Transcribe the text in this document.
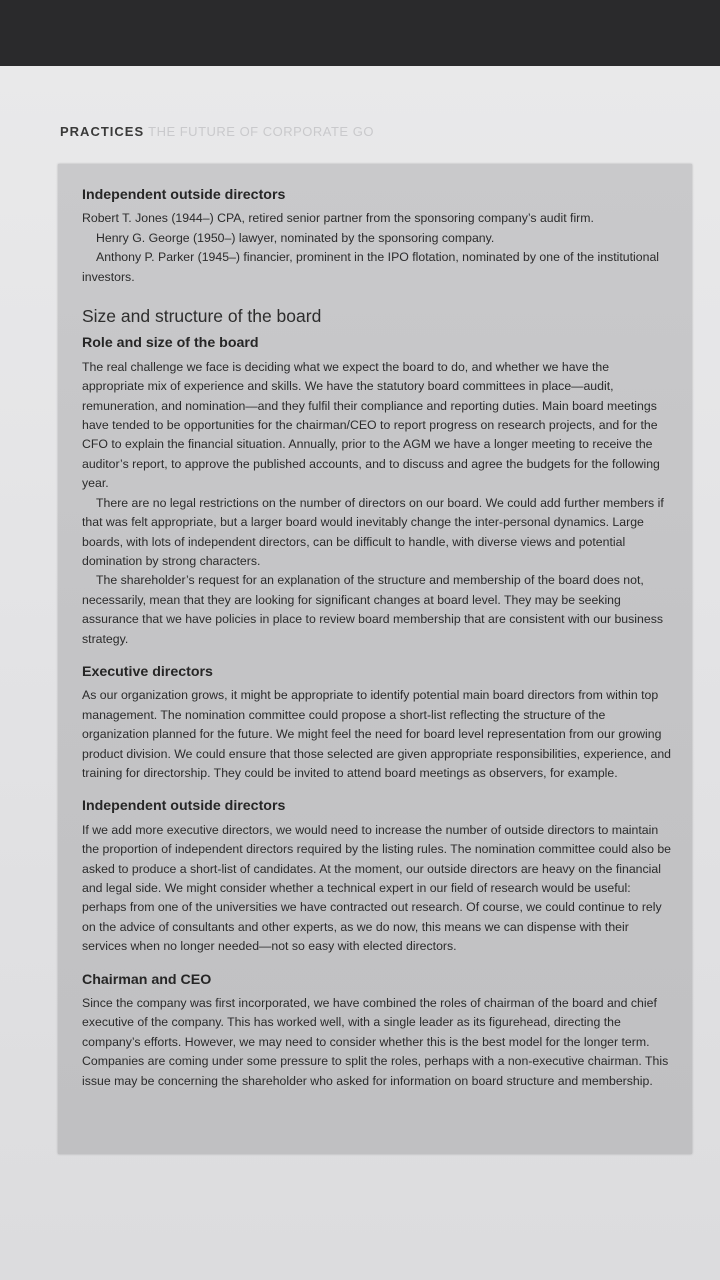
PRACTICES THE FUTURE OF CORPORATE GO
Independent outside directors

Robert T. Jones (1944–) CPA, retired senior partner from the sponsoring company’s audit firm.

Henry G. George (1950–) lawyer, nominated by the sponsoring company.

Anthony P. Parker (1945–) financier, prominent in the IPO flotation, nominated by one of the institutional investors.

Size and structure of the board
Role and size of the board

The real challenge we face is deciding what we expect the board to do, and whether we have the appropriate mix of experience and skills. We have the statutory board committees in place—audit, remuneration, and nomination—and they fulfil their compliance and reporting duties. Main board meetings have tended to be opportunities for the chairman/CEO to report progress on research projects, and for the CFO to explain the financial situation. Annually, prior to the AGM we have a longer meeting to receive the auditor’s report, to approve the published accounts, and to discuss and agree the budgets for the following year.

There are no legal restrictions on the number of directors on our board. We could add further members if that was felt appropriate, but a larger board would inevitably change the inter-personal dynamics. Large boards, with lots of independent directors, can be difficult to handle, with diverse views and potential domination by strong characters.

The shareholder’s request for an explanation of the structure and membership of the board does not, necessarily, mean that they are looking for significant changes at board level. They may be seeking assurance that we have policies in place to review board membership that are consistent with our business strategy.

Executive directors

As our organization grows, it might be appropriate to identify potential main board directors from within top management. The nomination committee could propose a short-list reflecting the structure of the organization planned for the future. We might feel the need for board level representation from our growing product division. We could ensure that those selected are given appropriate responsibilities, experience, and training for directorship. They could be invited to attend board meetings as observers, for example.

Independent outside directors

If we add more executive directors, we would need to increase the number of outside directors to maintain the proportion of independent directors required by the listing rules. The nomination committee could also be asked to produce a short-list of candidates. At the moment, our outside directors are heavy on the financial and legal side. We might consider whether a technical expert in our field of research would be useful: perhaps from one of the universities we have contracted out research. Of course, we could continue to rely on the advice of consultants and other experts, as we do now, this means we can dispense with their services when no longer needed—not so easy with elected directors.

Chairman and CEO

Since the company was first incorporated, we have combined the roles of chairman of the board and chief executive of the company. This has worked well, with a single leader as its figurehead, directing the company’s efforts. However, we may need to consider whether this is the best model for the longer term. Companies are coming under some pressure to split the roles, perhaps with a non-executive chairman. This issue may be concerning the shareholder who asked for information on board structure and membership.
